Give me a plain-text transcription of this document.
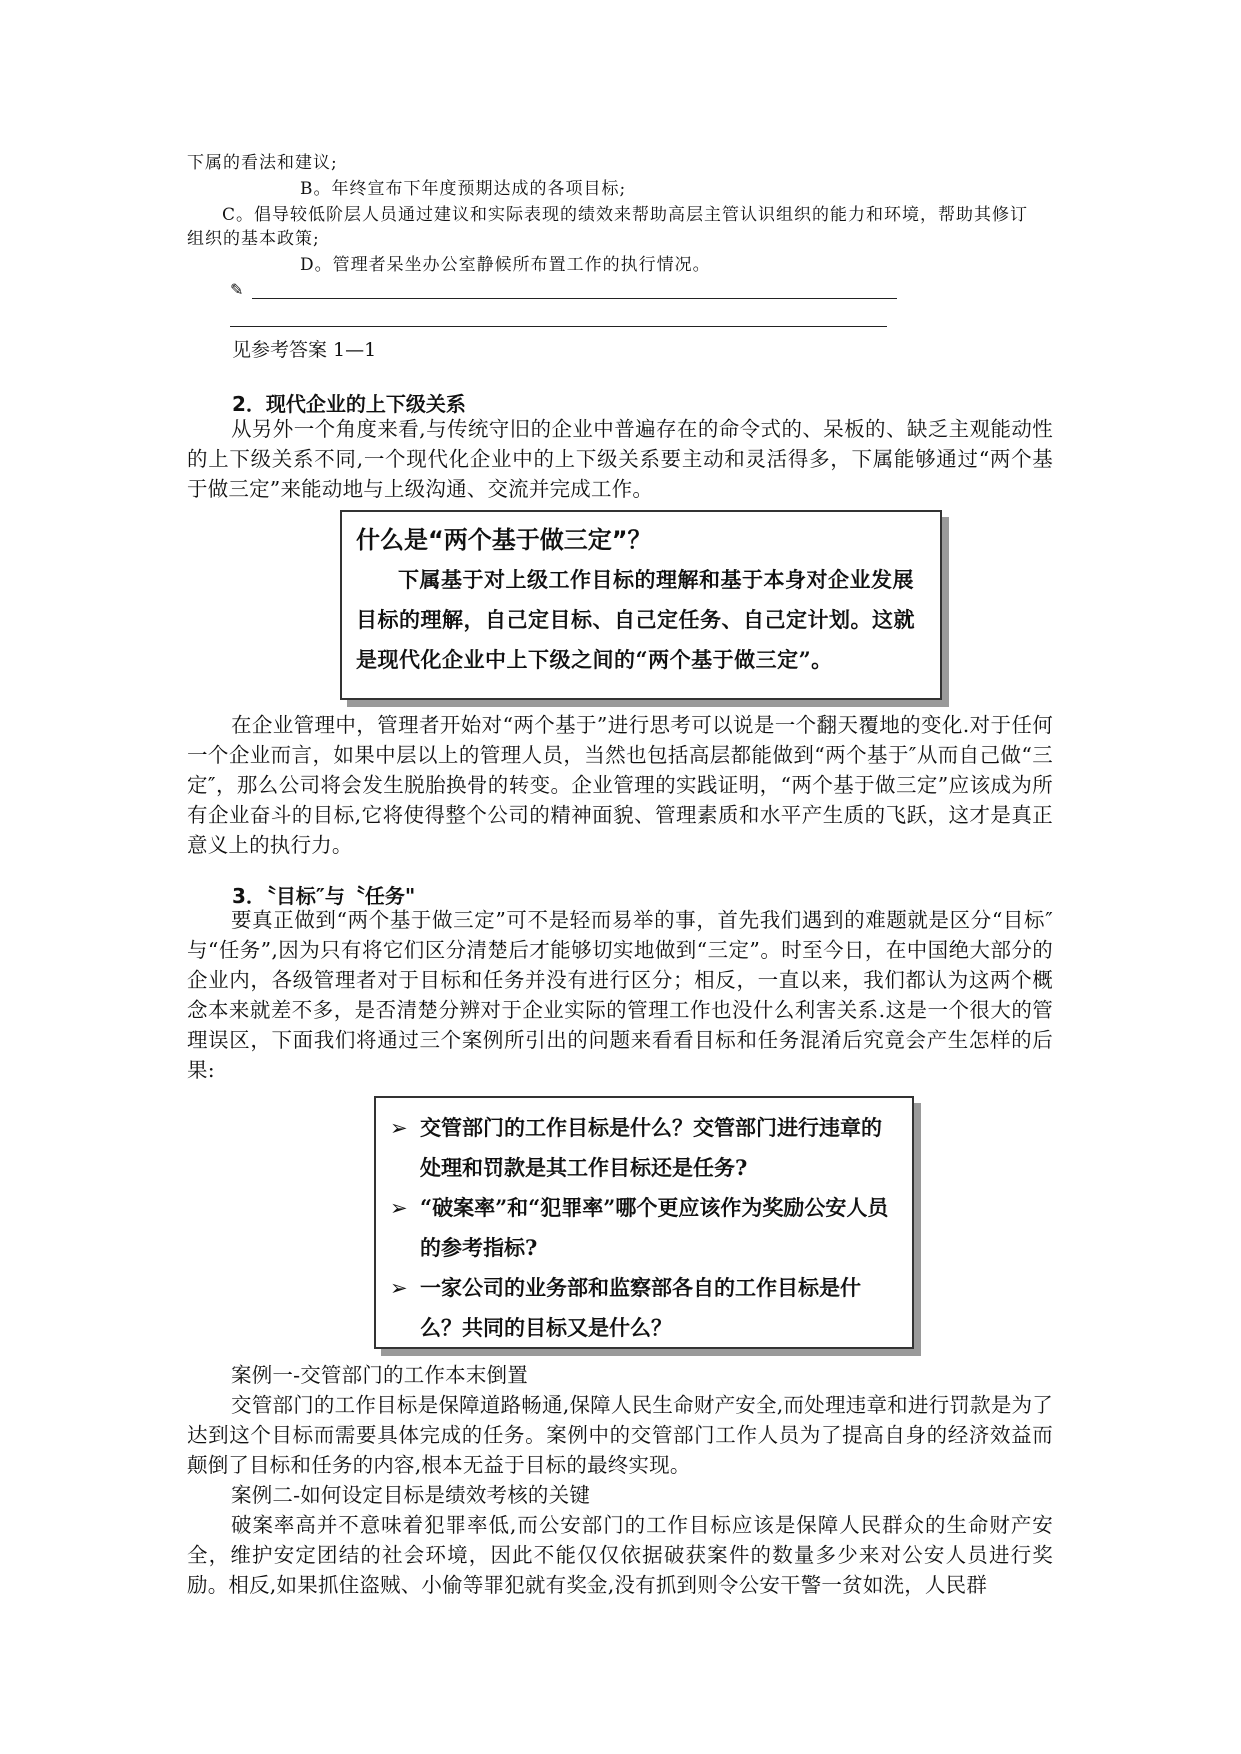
下属的看法和建议;
B。年终宣布下年度预期达成的各项目标;
C。倡导较低阶层人员通过建议和实际表现的绩效来帮助高层主管认识组织的能力和环境，帮助其修订
组织的基本政策;
D。管理者呆坐办公室静候所布置工作的执行情况。
✎
见参考答案 1—1
2．现代企业的上下级关系
从另外一个角度来看,与传统守旧的企业中普遍存在的命令式的、呆板的、缺乏主观能动性的上下级关系不同,一个现代化企业中的上下级关系要主动和灵活得多，下属能够通过“两个基于做三定”来能动地与上级沟通、交流并完成工作。
什么是“两个基于做三定”？
下属基于对上级工作目标的理解和基于本身对企业发展目标的理解，自己定目标、自己定任务、自己定计划。这就是现代化企业中上下级之间的“两个基于做三定”。
在企业管理中，管理者开始对“两个基于”进行思考可以说是一个翻天覆地的变化.对于任何一个企业而言，如果中层以上的管理人员，当然也包括高层都能做到“两个基于″从而自己做“三定″，那么公司将会发生脱胎换骨的转变。企业管理的实践证明，“两个基于做三定”应该成为所有企业奋斗的目标,它将使得整个公司的精神面貌、管理素质和水平产生质的飞跃，这才是真正意义上的执行力。
3．〝目标″与〝任务"
要真正做到“两个基于做三定”可不是轻而易举的事，首先我们遇到的难题就是区分“目标″与“任务”,因为只有将它们区分清楚后才能够切实地做到“三定”。时至今日，在中国绝大部分的企业内，各级管理者对于目标和任务并没有进行区分；相反，一直以来，我们都认为这两个概念本来就差不多，是否清楚分辨对于企业实际的管理工作也没什么利害关系.这是一个很大的管理误区，下面我们将通过三个案例所引出的问题来看看目标和任务混淆后究竟会产生怎样的后果:
➢ 交管部门的工作目标是什么？交管部门进行违章的处理和罚款是其工作目标还是任务?
➢ “破案率”和“犯罪率”哪个更应该作为奖励公安人员的参考指标?
➢ 一家公司的业务部和监察部各自的工作目标是什么？共同的目标又是什么？
案例一-交管部门的工作本末倒置
交管部门的工作目标是保障道路畅通,保障人民生命财产安全,而处理违章和进行罚款是为了达到这个目标而需要具体完成的任务。案例中的交管部门工作人员为了提高自身的经济效益而颠倒了目标和任务的内容,根本无益于目标的最终实现。
案例二-如何设定目标是绩效考核的关键
破案率高并不意味着犯罪率低,而公安部门的工作目标应该是保障人民群众的生命财产安全，维护安定团结的社会环境，因此不能仅仅依据破获案件的数量多少来对公安人员进行奖励。相反,如果抓住盗贼、小偷等罪犯就有奖金,没有抓到则令公安干警一贫如洗，人民群
